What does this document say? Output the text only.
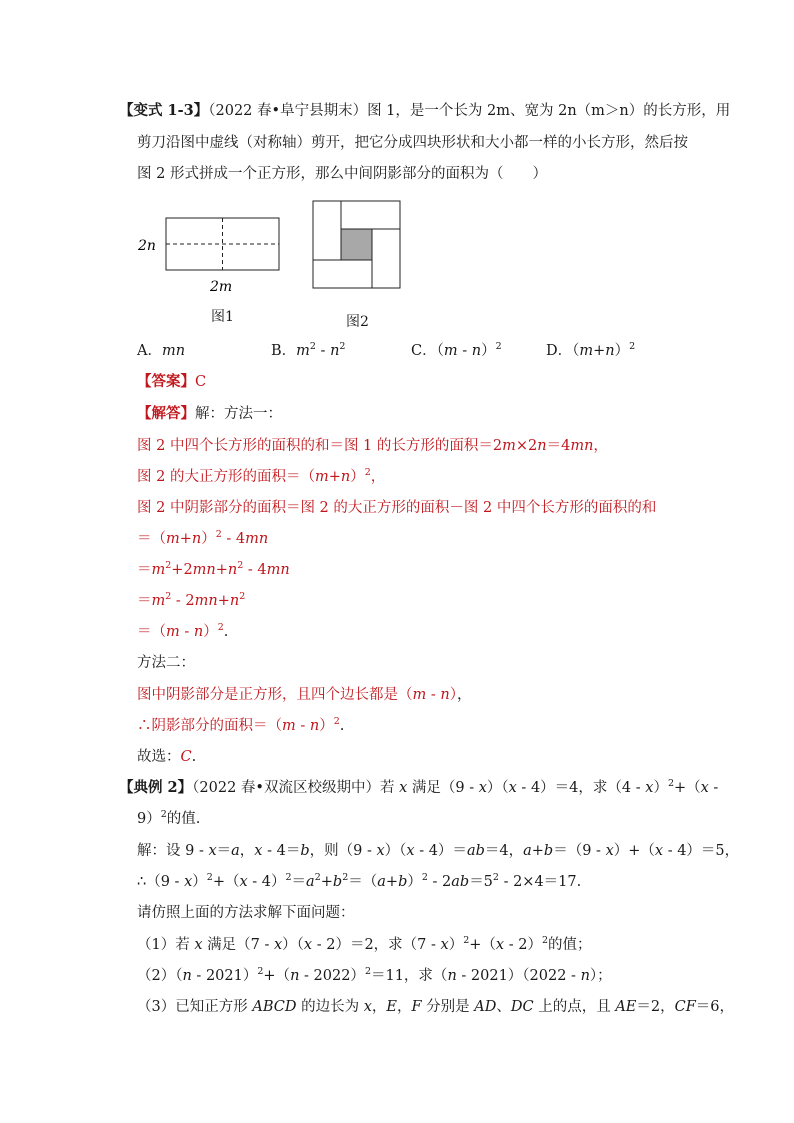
【变式 1-3】（2022 春•阜宁县期末）图 1，是一个长为 2m、宽为 2n（m＞n）的长方形，用
剪刀沿图中虚线（对称轴）剪开，把它分成四块形状和大小都一样的小长方形，然后按
图 2 形式拼成一个正方形，那么中间阴影部分的面积为（　　）
2n
2m
图1	图2
A．mn	B．$m^2 - n^2$	C．（m - n）$^2$	D．$(m+n)^2$
【答案】C
【解答】解：方法一：
图 2 中四个长方形的面积的和＝图 1 的长方形的面积＝2m×2n＝4mn，
图 2 的大正方形的面积$=(m+n)^2$，
图 2 中阴影部分的面积＝图 2 的大正方形的面积－图 2 中四个长方形的面积的和
$=(m+n)^2 - 4mn$
$=m^2+2mn+n^2 - 4mn$
$=m^2 - 2mn+n^2$
＝（m - n）$^2$.
方法二：
图中阴影部分是正方形，且四个边长都是（m - n），
∴阴影部分的面积＝（m - n）$^2$.
故选：C.
【典例 2】（2022 春•双流区校级期中）若 x 满足（9 - x）（x - 4）＝4，求（4 - x）$^2$+（x -
9）$^2$的值.
解：设 9 - x＝a，x - 4＝b，则（9 - x）（x - 4）＝ab＝4，a+b＝（9 - x）+（x - 4）＝5，
∴（9 - $x)^2+(x - 4)^2=a^2+b^2=(a+b)^2 - 2ab=5^2 - 2\times 4=17$.
请仿照上面的方法求解下面问题：
（1）若 x 满足（7 - x）（x - 2）＝2，求（7 - x）$^2$+（x - 2）$^2$的值；
（2）（n - 2021）$^2$+（n - 2022）$^2$＝11，求（n - 2021）（2022 - n）；
（3）已知正方形 ABCD 的边长为 x，E，F 分别是 AD、DC 上的点，且 AE＝2，CF＝6，
